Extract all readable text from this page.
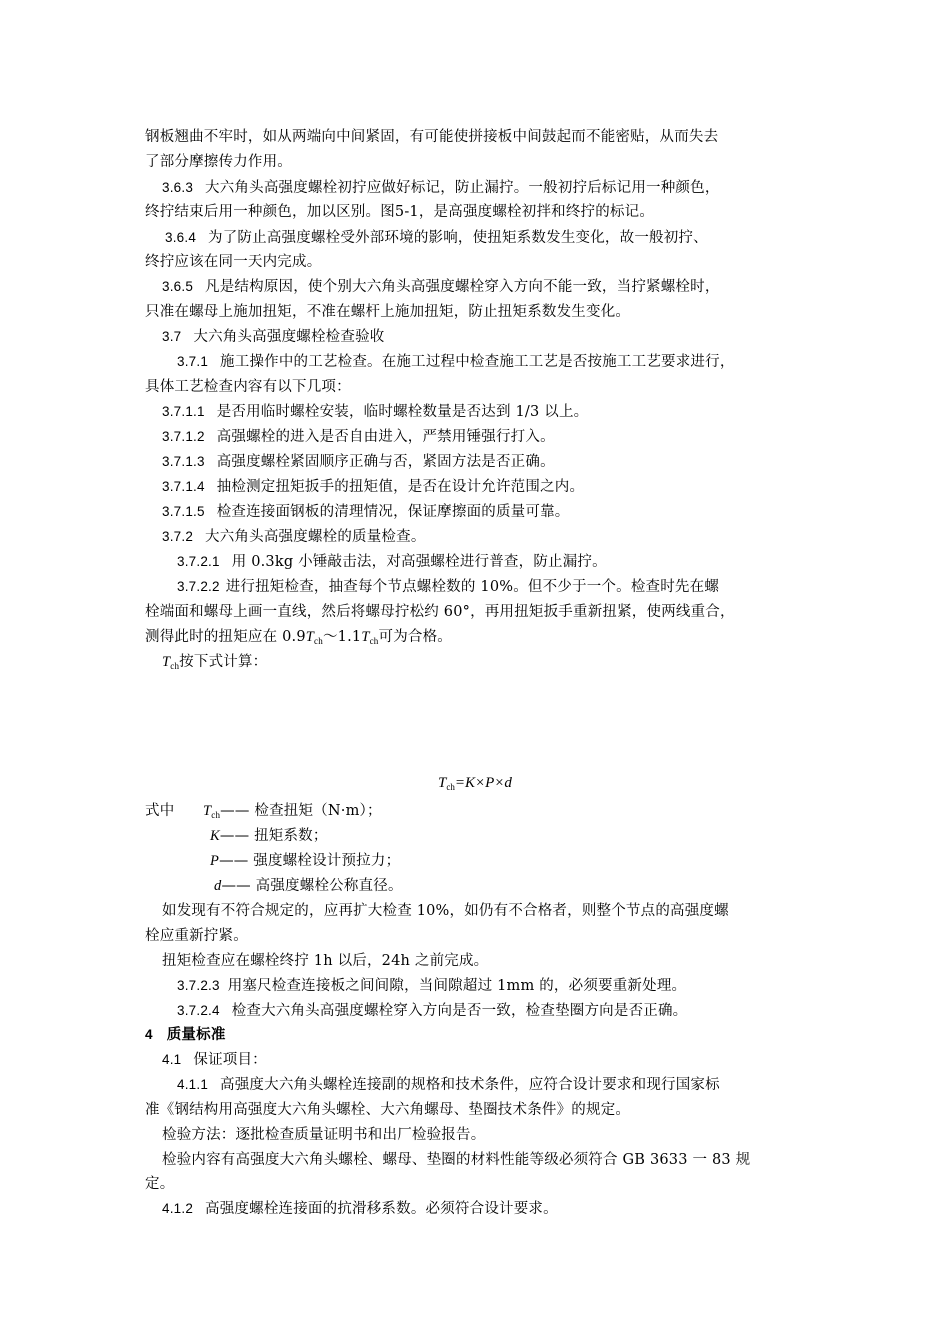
钢板翘曲不牢时，如从两端向中间紧固，有可能使拼接板中间鼓起而不能密贴，从而失去
了部分摩擦传力作用。
3.6.3 大六角头高强度螺栓初拧应做好标记，防止漏拧。一般初拧后标记用一种颜色，
终拧结束后用一种颜色，加以区别。图5-1，是高强度螺栓初拌和终拧的标记。
3.6.4 为了防止高强度螺栓受外部环境的影响，使扭矩系数发生变化，故一般初拧、
终拧应该在同一天内完成。
3.6.5 凡是结构原因，使个别大六角头高强度螺栓穿入方向不能一致，当拧紧螺栓时，
只准在螺母上施加扭矩，不准在螺杆上施加扭矩，防止扭矩系数发生变化。
3.7 大六角头高强度螺栓检查验收
3.7.1 施工操作中的工艺检查。在施工过程中检查施工工艺是否按施工工艺要求进行，
具体工艺检查内容有以下几项：
3.7.1.1 是否用临时螺栓安装，临时螺栓数量是否达到 1/3 以上。
3.7.1.2 高强螺栓的进入是否自由进入，严禁用锤强行打入。
3.7.1.3 高强度螺栓紧固顺序正确与否，紧固方法是否正确。
3.7.1.4 抽检测定扭矩扳手的扭矩值，是否在设计允许范围之内。
3.7.1.5 检查连接面钢板的清理情况，保证摩擦面的质量可靠。
3.7.2 大六角头高强度螺栓的质量检查。
3.7.2.1 用 0.3kg 小锤敲击法，对高强螺栓进行普查，防止漏拧。
3.7.2.2 进行扭矩检查，抽查每个节点螺栓数的 10%。但不少于一个。检查时先在螺
栓端面和螺母上画一直线，然后将螺母拧松约 60°，再用扭矩扳手重新扭紧，使两线重合，
测得此时的扭矩应在 $0.9T_{ch}\sim 1.1T_{ch}$可为合格。
$T_{ch}$按下式计算：
$T_{ch}=K\times P\times d$
式中 $T_{ch}——$ 检查扭矩（N·m）；
K—— 扭矩系数；
P—— 强度螺栓设计预拉力；
d—— 高强度螺栓公称直径。
如发现有不符合规定的，应再扩大检查 10%，如仍有不合格者，则整个节点的高强度螺
栓应重新拧紧。
扭矩检查应在螺栓终拧 1h 以后，24h 之前完成。
3.7.2.3 用塞尺检查连接板之间间隙，当间隙超过 1mm 的，必须要重新处理。
3.7.2.4 检查大六角头高强度螺栓穿入方向是否一致，检查垫圈方向是否正确。
4 质量标准
4.1 保证项目：
4.1.1 高强度大六角头螺栓连接副的规格和技术条件，应符合设计要求和现行国家标
准《钢结构用高强度大六角头螺栓、大六角螺母、垫圈技术条件》的规定。
检验方法：逐批检查质量证明书和出厂检验报告。
检验内容有高强度大六角头螺栓、螺母、垫圈的材料性能等级必须符合 GB 3633 一 83 规
定。
4.1.2 高强度螺栓连接面的抗滑移系数。必须符合设计要求。
